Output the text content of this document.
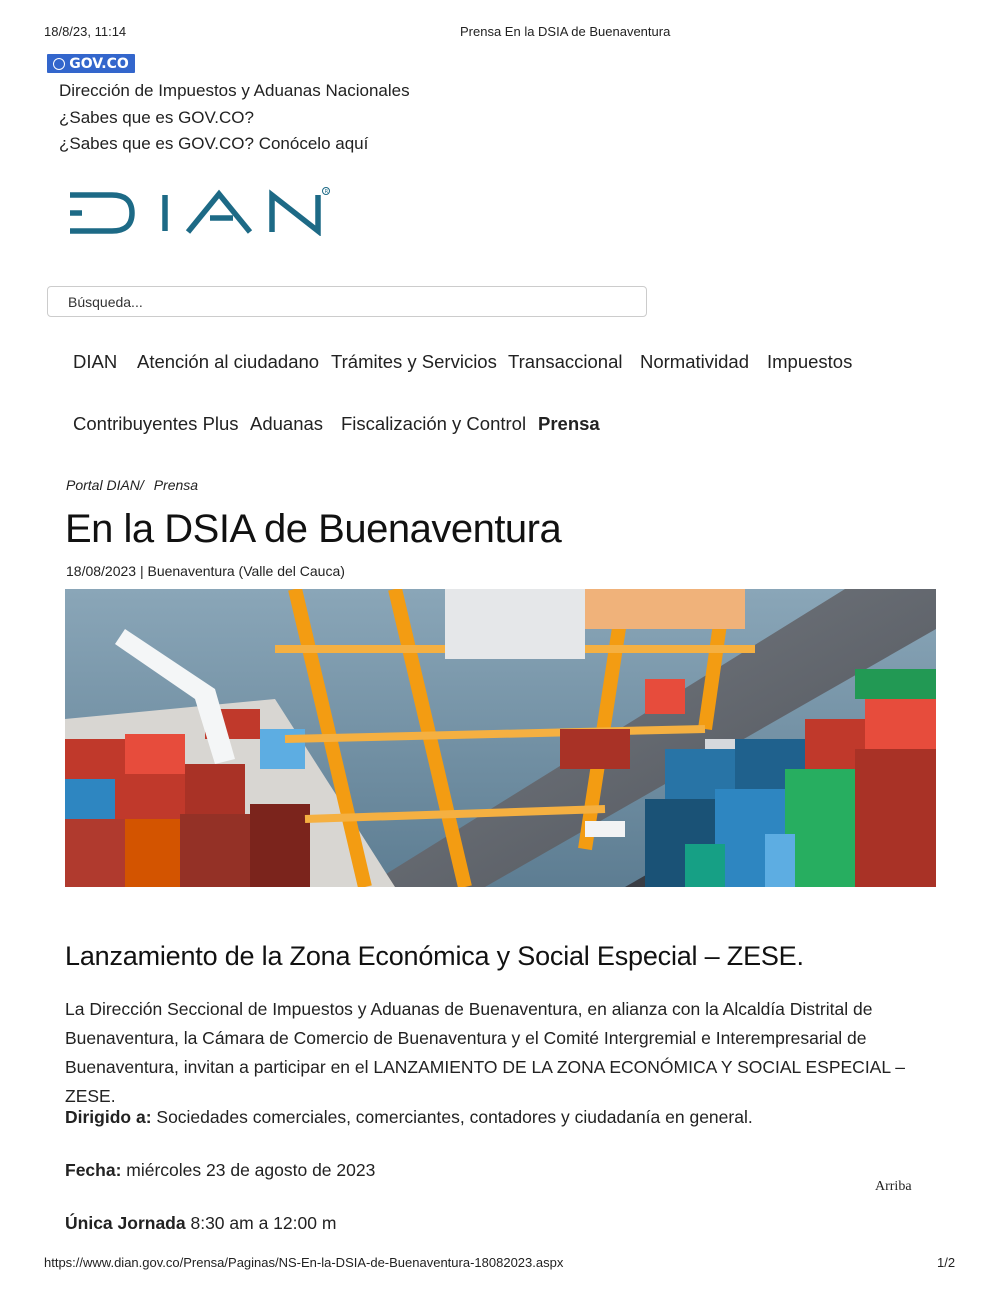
18/8/23, 11:14	Prensa En la DSIA de Buenaventura
GOV.CO
Dirección de Impuestos y Aduanas Nacionales
¿Sabes que es GOV.CO?
¿Sabes que es GOV.CO? Conócelo aquí
R
Búsqueda...
DIAN Atención al ciudadano Trámites y Servicios Transaccional Normatividad Impuestos
Contribuyentes Plus Aduanas Fiscalización y Control Prensa
Portal DIAN/ Prensa
En la DSIA de Buenaventura
18/08/2023 | Buenaventura (Valle del Cauca)
Lanzamiento de la Zona Económica y Social Especial – ZESE.

La Dirección Seccional de Impuestos y Aduanas de Buenaventura, en alianza con la Alcaldía Distrital de Buenaventura, la Cámara de Comercio de Buenaventura y el Comité Intergremial e Interempresarial de Buenaventura, invitan a participar en el LANZAMIENTO DE LA ZONA ECONÓMICA Y SOCIAL ESPECIAL – ZESE.

Dirigido a: Sociedades comerciales, comerciantes, contadores y ciudadanía en general.
Fecha: miércoles 23 de agosto de 2023
Única Jornada 8:30 am a 12:00 m
Arriba
https://www.dian.gov.co/Prensa/Paginas/NS-En-la-DSIA-de-Buenaventura-18082023.aspx	1/2
